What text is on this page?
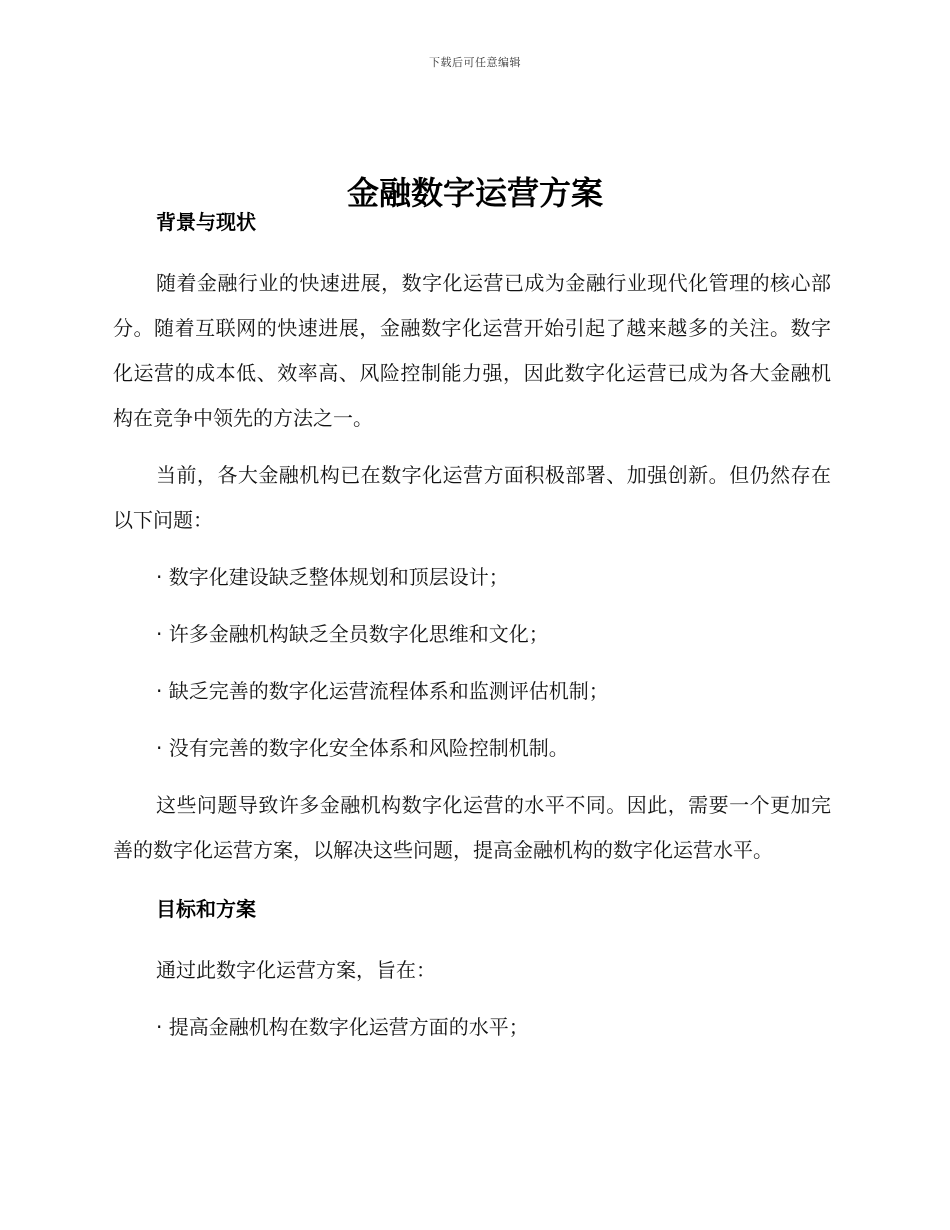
下载后可任意编辑
金融数字运营方案
背景与现状

随着金融行业的快速进展，数字化运营已成为金融行业现代化管理的核心部分。随着互联网的快速进展，金融数字化运营开始引起了越来越多的关注。数字化运营的成本低、效率高、风险控制能力强，因此数字化运营已成为各大金融机构在竞争中领先的方法之一。

当前，各大金融机构已在数字化运营方面积极部署、加强创新。但仍然存在以下问题：

· 数字化建设缺乏整体规划和顶层设计；
· 许多金融机构缺乏全员数字化思维和文化；
· 缺乏完善的数字化运营流程体系和监测评估机制；
· 没有完善的数字化安全体系和风险控制机制。

这些问题导致许多金融机构数字化运营的水平不同。因此，需要一个更加完善的数字化运营方案，以解决这些问题，提高金融机构的数字化运营水平。

目标和方案

通过此数字化运营方案，旨在：

· 提高金融机构在数字化运营方面的水平；
